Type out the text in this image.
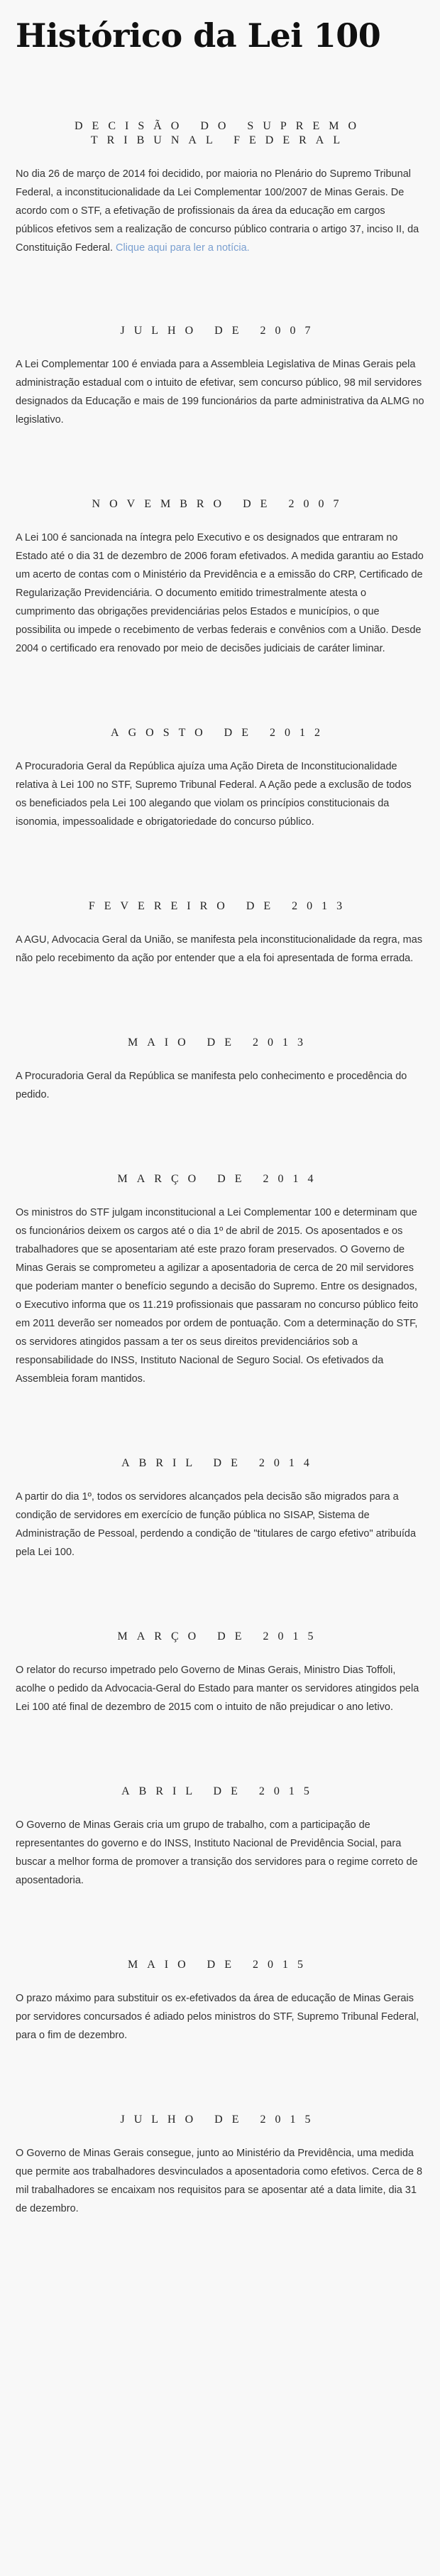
Histórico da Lei 100
DECISÃO DO SUPREMO TRIBUNAL FEDERAL

No dia 26 de março de 2014 foi decidido, por maioria no Plenário do Supremo Tribunal Federal, a inconstitucionalidade da Lei Complementar 100/2007 de Minas Gerais. De acordo com o STF, a efetivação de profissionais da área da educação em cargos públicos efetivos sem a realização de concurso público contraria o artigo 37, inciso II, da Constituição Federal. Clique aqui para ler a notícia.

JULHO DE 2007

A Lei Complementar 100 é enviada para a Assembleia Legislativa de Minas Gerais pela administração estadual com o intuito de efetivar, sem concurso público, 98 mil servidores designados da Educação e mais de 199 funcionários da parte administrativa da ALMG no legislativo.

NOVEMBRO DE 2007

A Lei 100 é sancionada na íntegra pelo Executivo e os designados que entraram no Estado até o dia 31 de dezembro de 2006 foram efetivados. A medida garantiu ao Estado um acerto de contas com o Ministério da Previdência e a emissão do CRP, Certificado de Regularização Previdenciária. O documento emitido trimestralmente atesta o cumprimento das obrigações previdenciárias pelos Estados e municípios, o que possibilita ou impede o recebimento de verbas federais e convênios com a União. Desde 2004 o certificado era renovado por meio de decisões judiciais de caráter liminar.

AGOSTO DE 2012

A Procuradoria Geral da República ajuíza uma Ação Direta de Inconstitucionalidade relativa à Lei 100 no STF, Supremo Tribunal Federal. A Ação pede a exclusão de todos os beneficiados pela Lei 100 alegando que violam os princípios constitucionais da isonomia, impessoalidade e obrigatoriedade do concurso público.

FEVEREIRO DE 2013

A AGU, Advocacia Geral da União, se manifesta pela inconstitucionalidade da regra, mas não pelo recebimento da ação por entender que a ela foi apresentada de forma errada.

MAIO DE 2013

A Procuradoria Geral da República se manifesta pelo conhecimento e procedência do pedido.

MARÇO DE 2014

Os ministros do STF julgam inconstitucional a Lei Complementar 100 e determinam que os funcionários deixem os cargos até o dia 1º de abril de 2015. Os aposentados e os trabalhadores que se aposentariam até este prazo foram preservados. O Governo de Minas Gerais se comprometeu a agilizar a aposentadoria de cerca de 20 mil servidores que poderiam manter o benefício segundo a decisão do Supremo. Entre os designados, o Executivo informa que os 11.219 profissionais que passaram no concurso público feito em 2011 deverão ser nomeados por ordem de pontuação. Com a determinação do STF, os servidores atingidos passam a ter os seus direitos previdenciários sob a responsabilidade do INSS, Instituto Nacional de Seguro Social. Os efetivados da Assembleia foram mantidos.

ABRIL DE 2014

A partir do dia 1º, todos os servidores alcançados pela decisão são migrados para a condição de servidores em exercício de função pública no SISAP, Sistema de Administração de Pessoal, perdendo a condição de "titulares de cargo efetivo" atribuída pela Lei 100.

MARÇO DE 2015

O relator do recurso impetrado pelo Governo de Minas Gerais, Ministro Dias Toffoli, acolhe o pedido da Advocacia-Geral do Estado para manter os servidores atingidos pela Lei 100 até final de dezembro de 2015 com o intuito de não prejudicar o ano letivo.

ABRIL DE 2015

O Governo de Minas Gerais cria um grupo de trabalho, com a participação de representantes do governo e do INSS, Instituto Nacional de Previdência Social, para buscar a melhor forma de promover a transição dos servidores para o regime correto de aposentadoria.

MAIO DE 2015

O prazo máximo para substituir os ex-efetivados da área de educação de Minas Gerais por servidores concursados é adiado pelos ministros do STF, Supremo Tribunal Federal, para o fim de dezembro.

JULHO DE 2015

O Governo de Minas Gerais consegue, junto ao Ministério da Previdência, uma medida que permite aos trabalhadores desvinculados a aposentadoria como efetivos. Cerca de 8 mil trabalhadores se encaixam nos requisitos para se aposentar até a data limite, dia 31 de dezembro.
